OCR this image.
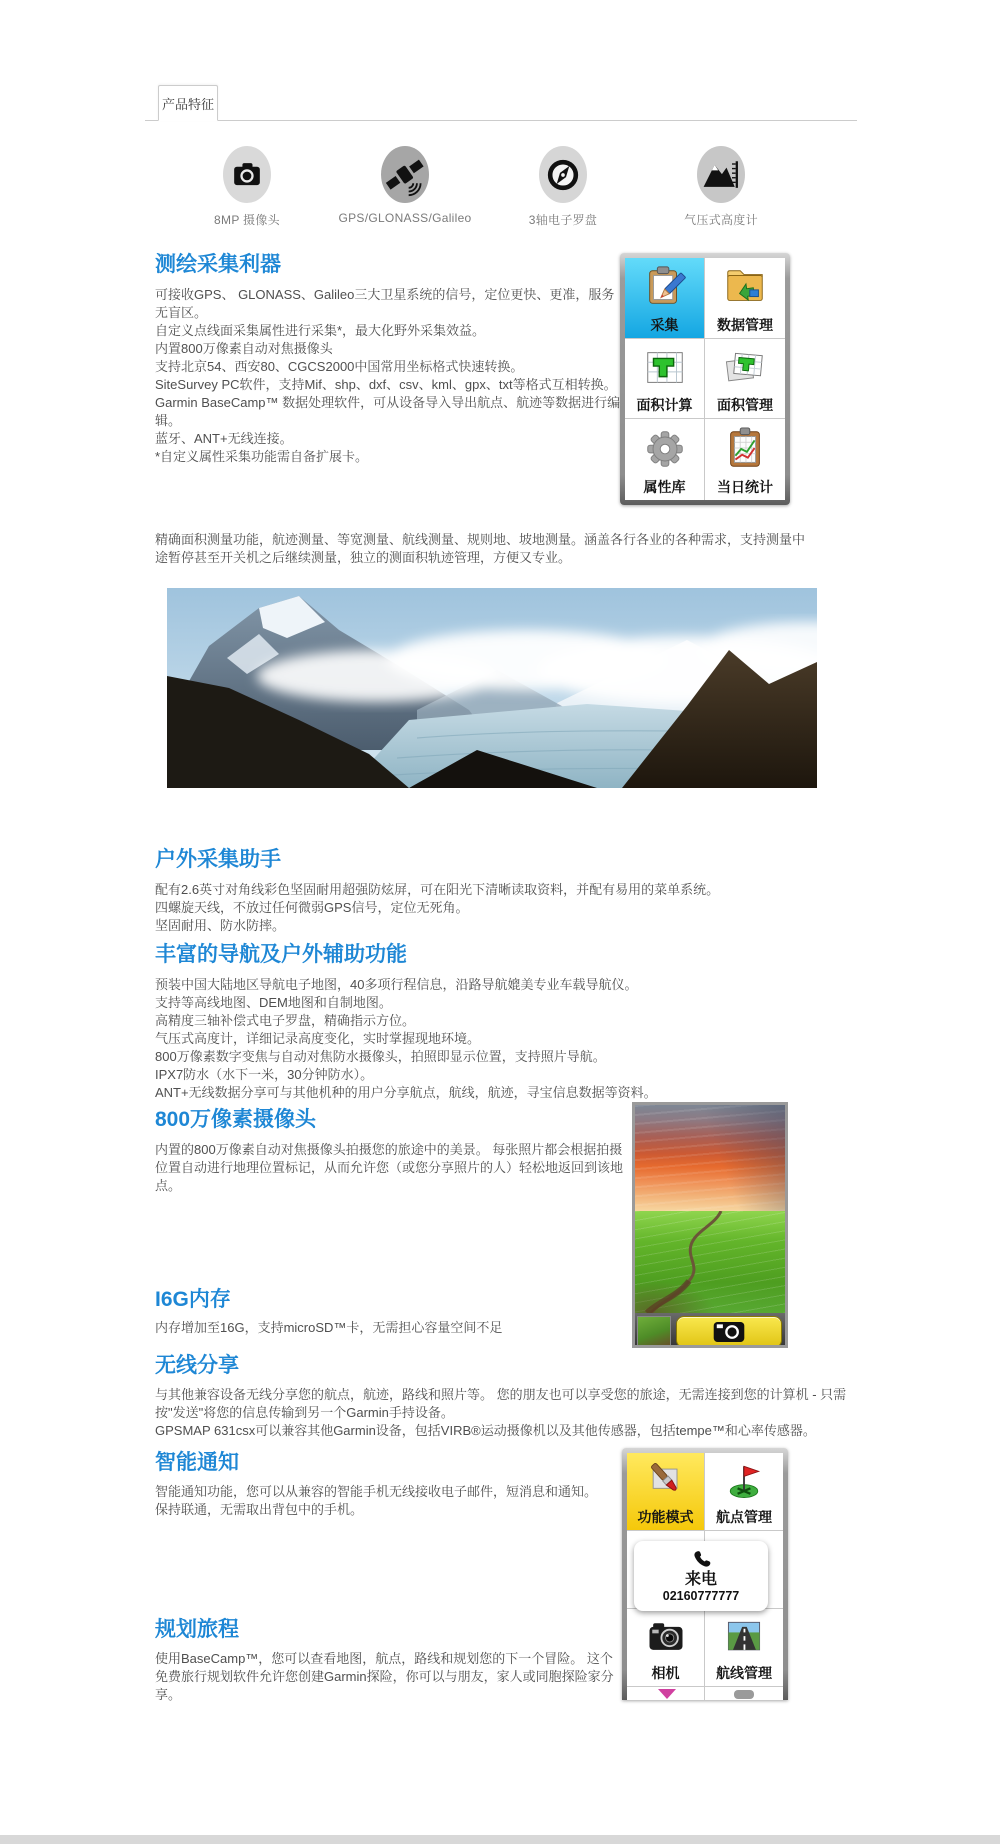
产品特征
8MP 摄像头	GPS/GLONASS/Galileo	3轴电子罗盘	气压式高度计
测绘采集利器
可接收GPS、 GLONASS、Galileo三大卫星系统的信号，定位更快、更准，服务无盲区。
自定义点线面采集属性进行采集*，最大化野外采集效益。
内置800万像素自动对焦摄像头
支持北京54、西安80、CGCS2000中国常用坐标格式快速转换。
SiteSurvey PC软件，支持Mif、shp、dxf、csv、kml、gpx、txt等格式互相转换。
Garmin BaseCamp™ 数据处理软件，可从设备导入导出航点、航迹等数据进行编辑。
蓝牙、ANT+无线连接。
*自定义属性采集功能需自备扩展卡。
采集	数据管理
面积计算 面积管理
属性库 当日统计
精确面积测量功能，航迹测量、等宽测量、航线测量、规则地、坡地测量。涵盖各行各业的各种需求，支持测量中途暂停甚至开关机之后继续测量，独立的测面积轨迹管理，方便又专业。
户外采集助手
配有2.6英寸对角线彩色坚固耐用超强防炫屏，可在阳光下清晰读取资料，并配有易用的菜单系统。
四螺旋天线，不放过任何微弱GPS信号，定位无死角。
坚固耐用、防水防摔。
丰富的导航及户外辅助功能
预装中国大陆地区导航电子地图，40多项行程信息，沿路导航媲美专业车载导航仪。
支持等高线地图、DEM地图和自制地图。
高精度三轴补偿式电子罗盘，精确指示方位。
气压式高度计，详细记录高度变化，实时掌握现地环境。
800万像素数字变焦与自动对焦防水摄像头，拍照即显示位置，支持照片导航。
IPX7防水（水下一米，30分钟防水）。
ANT+无线数据分享可与其他机种的用户分享航点，航线，航迹，寻宝信息数据等资料。
800万像素摄像头
内置的800万像素自动对焦摄像头拍摄您的旅途中的美景。 每张照片都会根据拍摄位置自动进行地理位置标记，从而允许您（或您分享照片的人）轻松地返回到该地点。
I6G内存
内存增加至16G，支持microSD™卡，无需担心容量空间不足
无线分享
与其他兼容设备无线分享您的航点，航迹，路线和照片等。 您的朋友也可以享受您的旅途，无需连接到您的计算机 - 只需按"发送"将您的信息传输到另一个Garmin手持设备。
GPSMAP 631csx可以兼容其他Garmin设备，包括VIRB®运动摄像机以及其他传感器，包括tempe™和心率传感器。
智能通知
智能通知功能，您可以从兼容的智能手机无线接收电子邮件，短消息和通知。 保持联通，无需取出背包中的手机。	功能模式 航点管理
相机	航线管理
来电
02160777777
规划旅程
使用BaseCamp™，您可以查看地图，航点，路线和规划您的下一个冒险。 这个免费旅行规划软件允许您创建Garmin探险，你可以与朋友，家人或同胞探险家分享。
